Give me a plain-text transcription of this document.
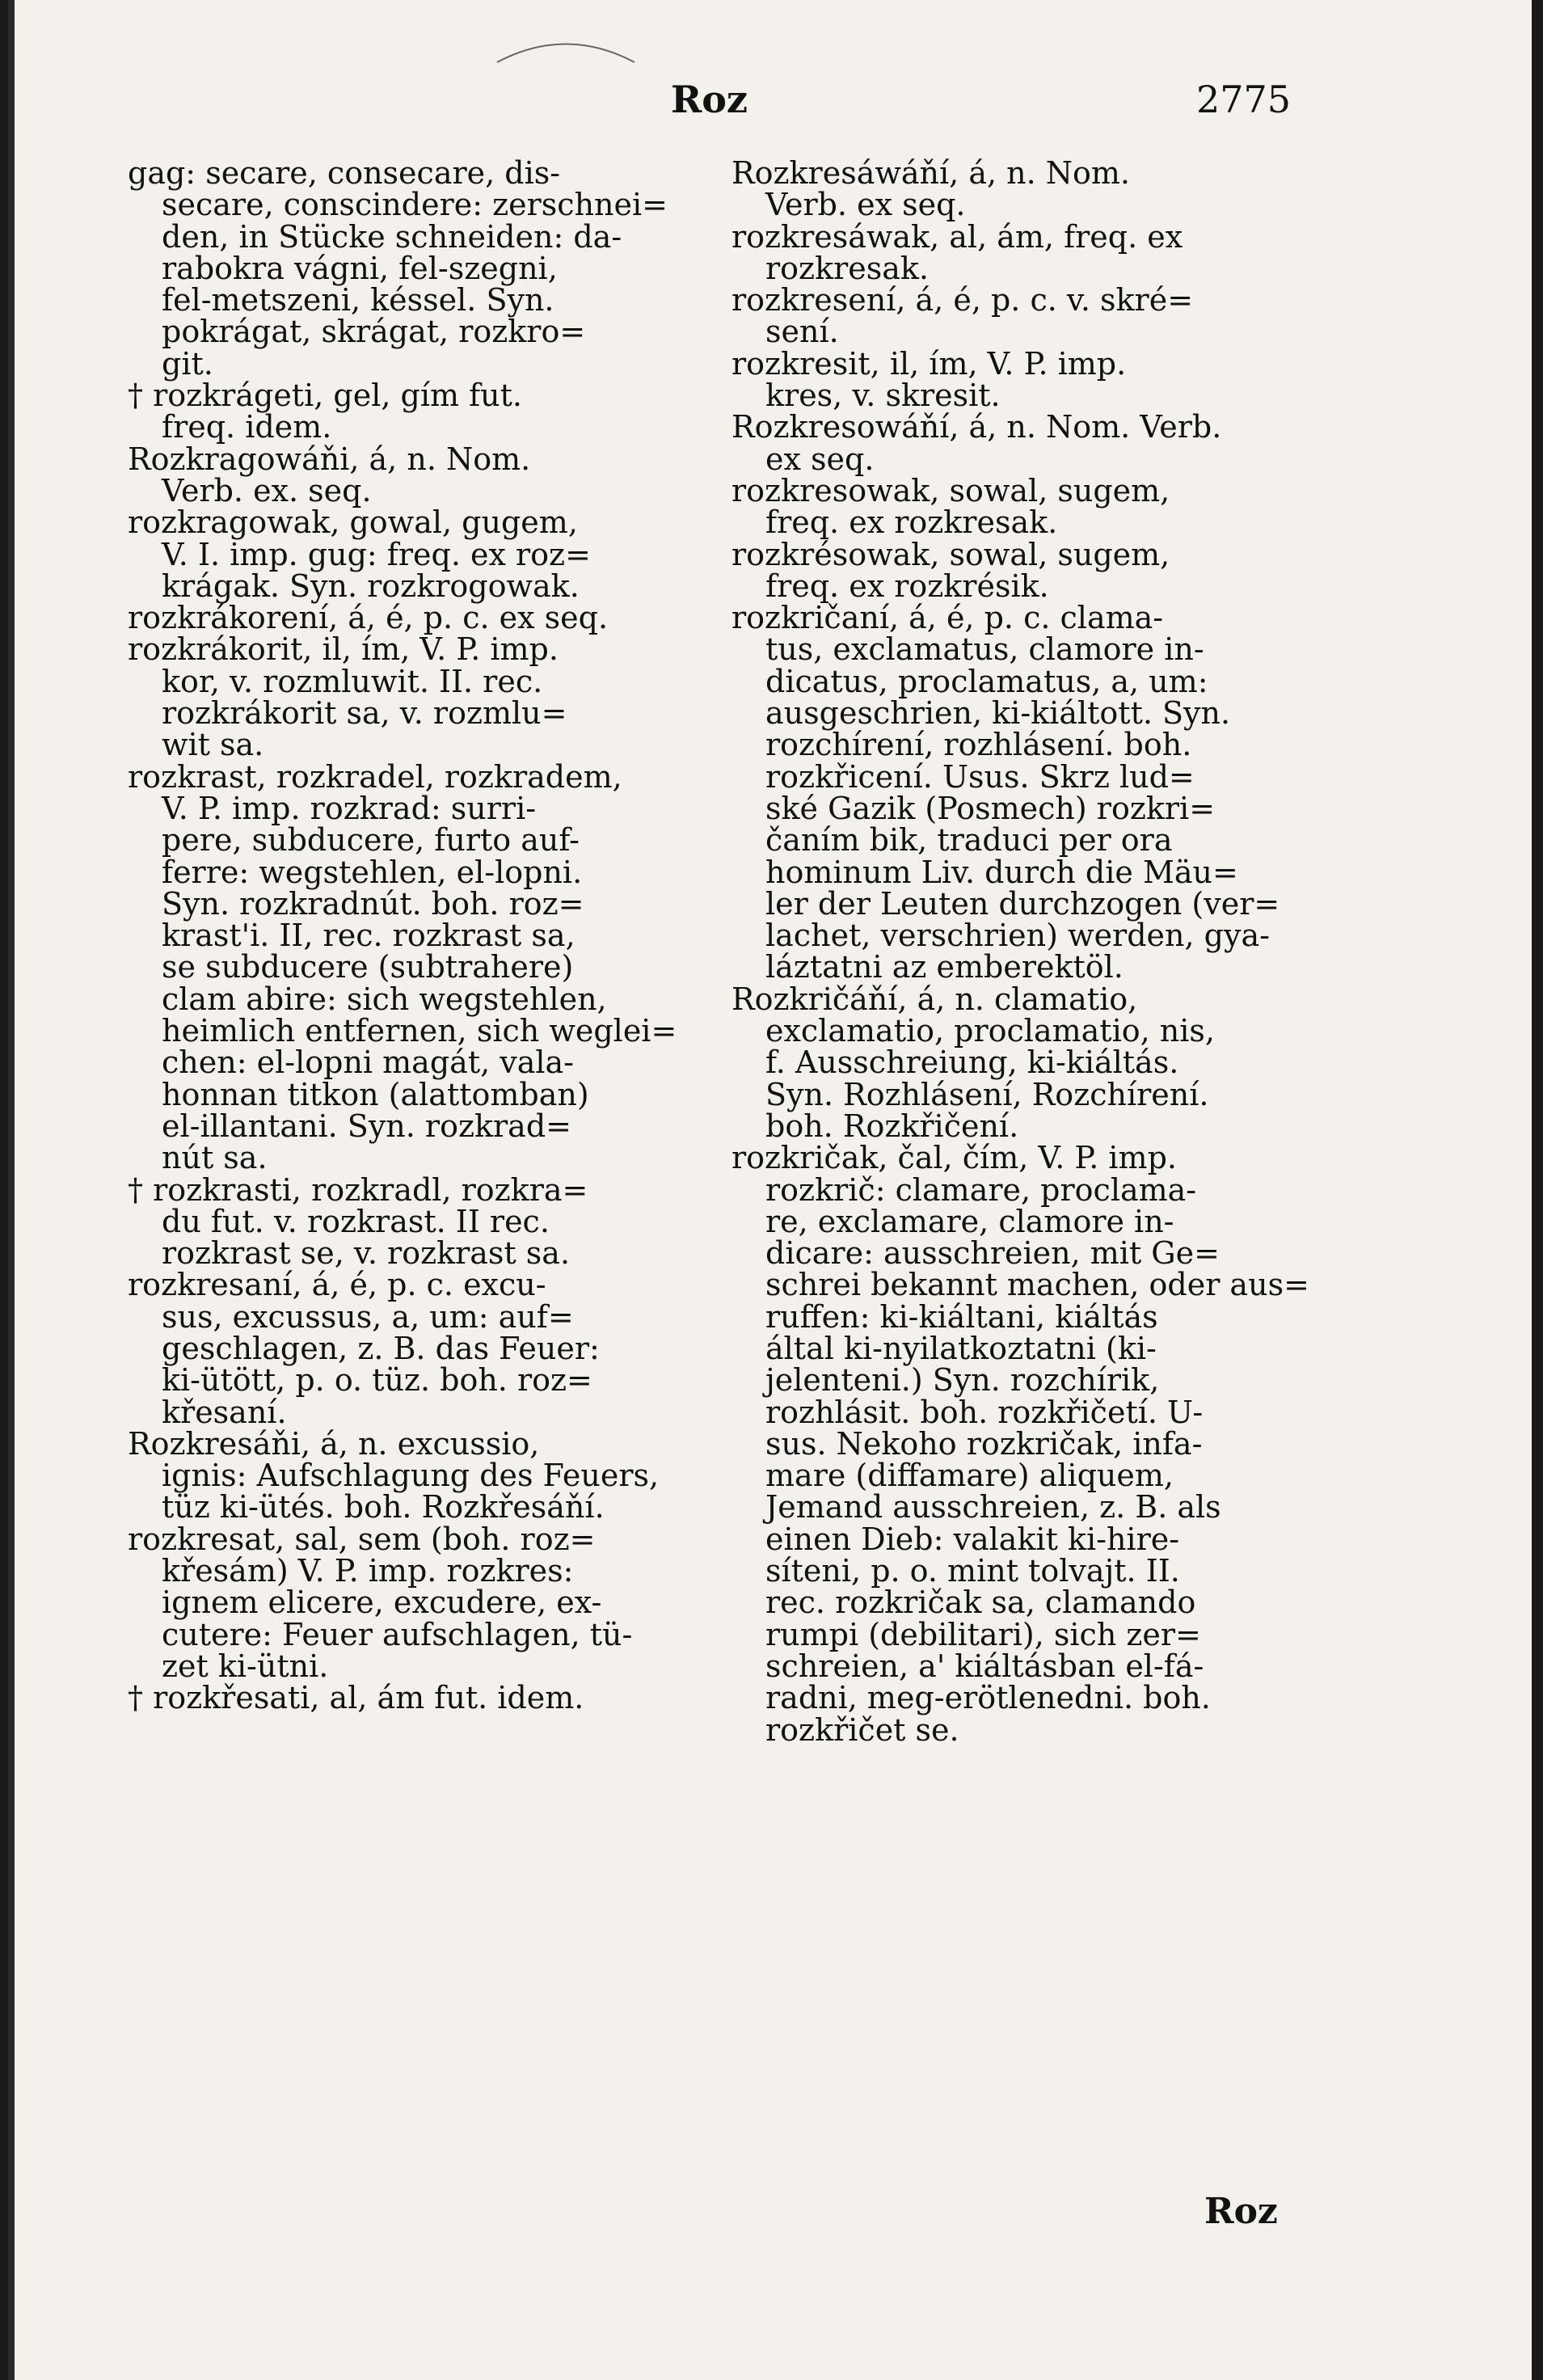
Roz	2775
gag: secare, consecare, dis-
secare, conscindere: zerschnei=
den, in Stücke schneiden: da-
rabokra vágni, fel-szegni,
fel-metszeni, késsel. Syn.
pokrágat, skrágat, rozkro=
git.
† rozkrágeti, gel, gím fut.
freq. idem.
Rozkragowáňi, á, n. Nom.
Verb. ex. seq.
rozkragowak, gowal, gugem,
V. I. imp. gug: freq. ex roz=
krágak. Syn. rozkrogowak.
rozkrákorení, á, é, p. c. ex seq.
rozkrákorit, il, ím, V. P. imp.
kor, v. rozmluwit. II. rec.
rozkrákorit sa, v. rozmlu=
wit sa.
rozkrast, rozkradel, rozkradem,
V. P. imp. rozkrad: surri-
pere, subducere, furto auf-
ferre: wegstehlen, el-lopni.
Syn. rozkradnút. boh. roz=
krast'i. II, rec. rozkrast sa,
se subducere (subtrahere)
clam abire: sich wegstehlen,
heimlich entfernen, sich weglei=
chen: el-lopni magát, vala-
honnan titkon (alattomban)
el-illantani. Syn. rozkrad=
nút sa.
† rozkrasti, rozkradl, rozkra=
du fut. v. rozkrast. II rec.
rozkrast se, v. rozkrast sa.
rozkresaní, á, é, p. c. excu-
sus, excussus, a, um: auf=
geschlagen, z. B. das Feuer:
ki-ütött, p. o. tüz. boh. roz=
křesaní.
Rozkresáňi, á, n. excussio,
ignis: Aufschlagung des Feuers,
tüz ki-ütés. boh. Rozkřesáňí.
rozkresat, sal, sem (boh. roz=
křesám) V. P. imp. rozkres:
ignem elicere, excudere, ex-
cutere: Feuer aufschlagen, tü-
zet ki-ütni.
† rozkřesati, al, ám fut. idem.
Rozkresáwáňí, á, n. Nom.
Verb. ex seq.
rozkresáwak, al, ám, freq. ex
rozkresak.
rozkresení, á, é, p. c. v. skré=
sení.
rozkresit, il, ím, V. P. imp.
kres, v. skresit.
Rozkresowáňí, á, n. Nom. Verb.
ex seq.
rozkresowak, sowal, sugem,
freq. ex rozkresak.
rozkrésowak, sowal, sugem,
freq. ex rozkrésik.
rozkričaní, á, é, p. c. clama-
tus, exclamatus, clamore in-
dicatus, proclamatus, a, um:
ausgeschrien, ki-kiáltott. Syn.
rozchírení, rozhlásení. boh.
rozkřicení. Usus. Skrz lud=
ské Gazik (Posmech) rozkri=
čaním bik, traduci per ora
hominum Liv. durch die Mäu=
ler der Leuten durchzogen (ver=
lachet, verschrien) werden, gya-
láztatni az emberektöl.
Rozkričáňí, á, n. clamatio,
exclamatio, proclamatio, nis,
f. Ausschreiung, ki-kiáltás.
Syn. Rozhlásení, Rozchírení.
boh. Rozkřičení.
rozkričak, čal, čím, V. P. imp.
rozkrič: clamare, proclama-
re, exclamare, clamore in-
dicare: ausschreien, mit Ge=
schrei bekannt machen, oder aus=
ruffen: ki-kiáltani, kiáltás
által ki-nyilatkoztatni (ki-
jelenteni.) Syn. rozchírik,
rozhlásit. boh. rozkřičetí. U-
sus. Nekoho rozkričak, infa-
mare (diffamare) aliquem,
Jemand ausschreien, z. B. als
einen Dieb: valakit ki-hire-
síteni, p. o. mint tolvajt. II.
rec. rozkričak sa, clamando
rumpi (debilitari), sich zer=
schreien, a' kiáltásban el-fá-
radni, meg-erötlenedni. boh.
rozkřičet se.
Roz
